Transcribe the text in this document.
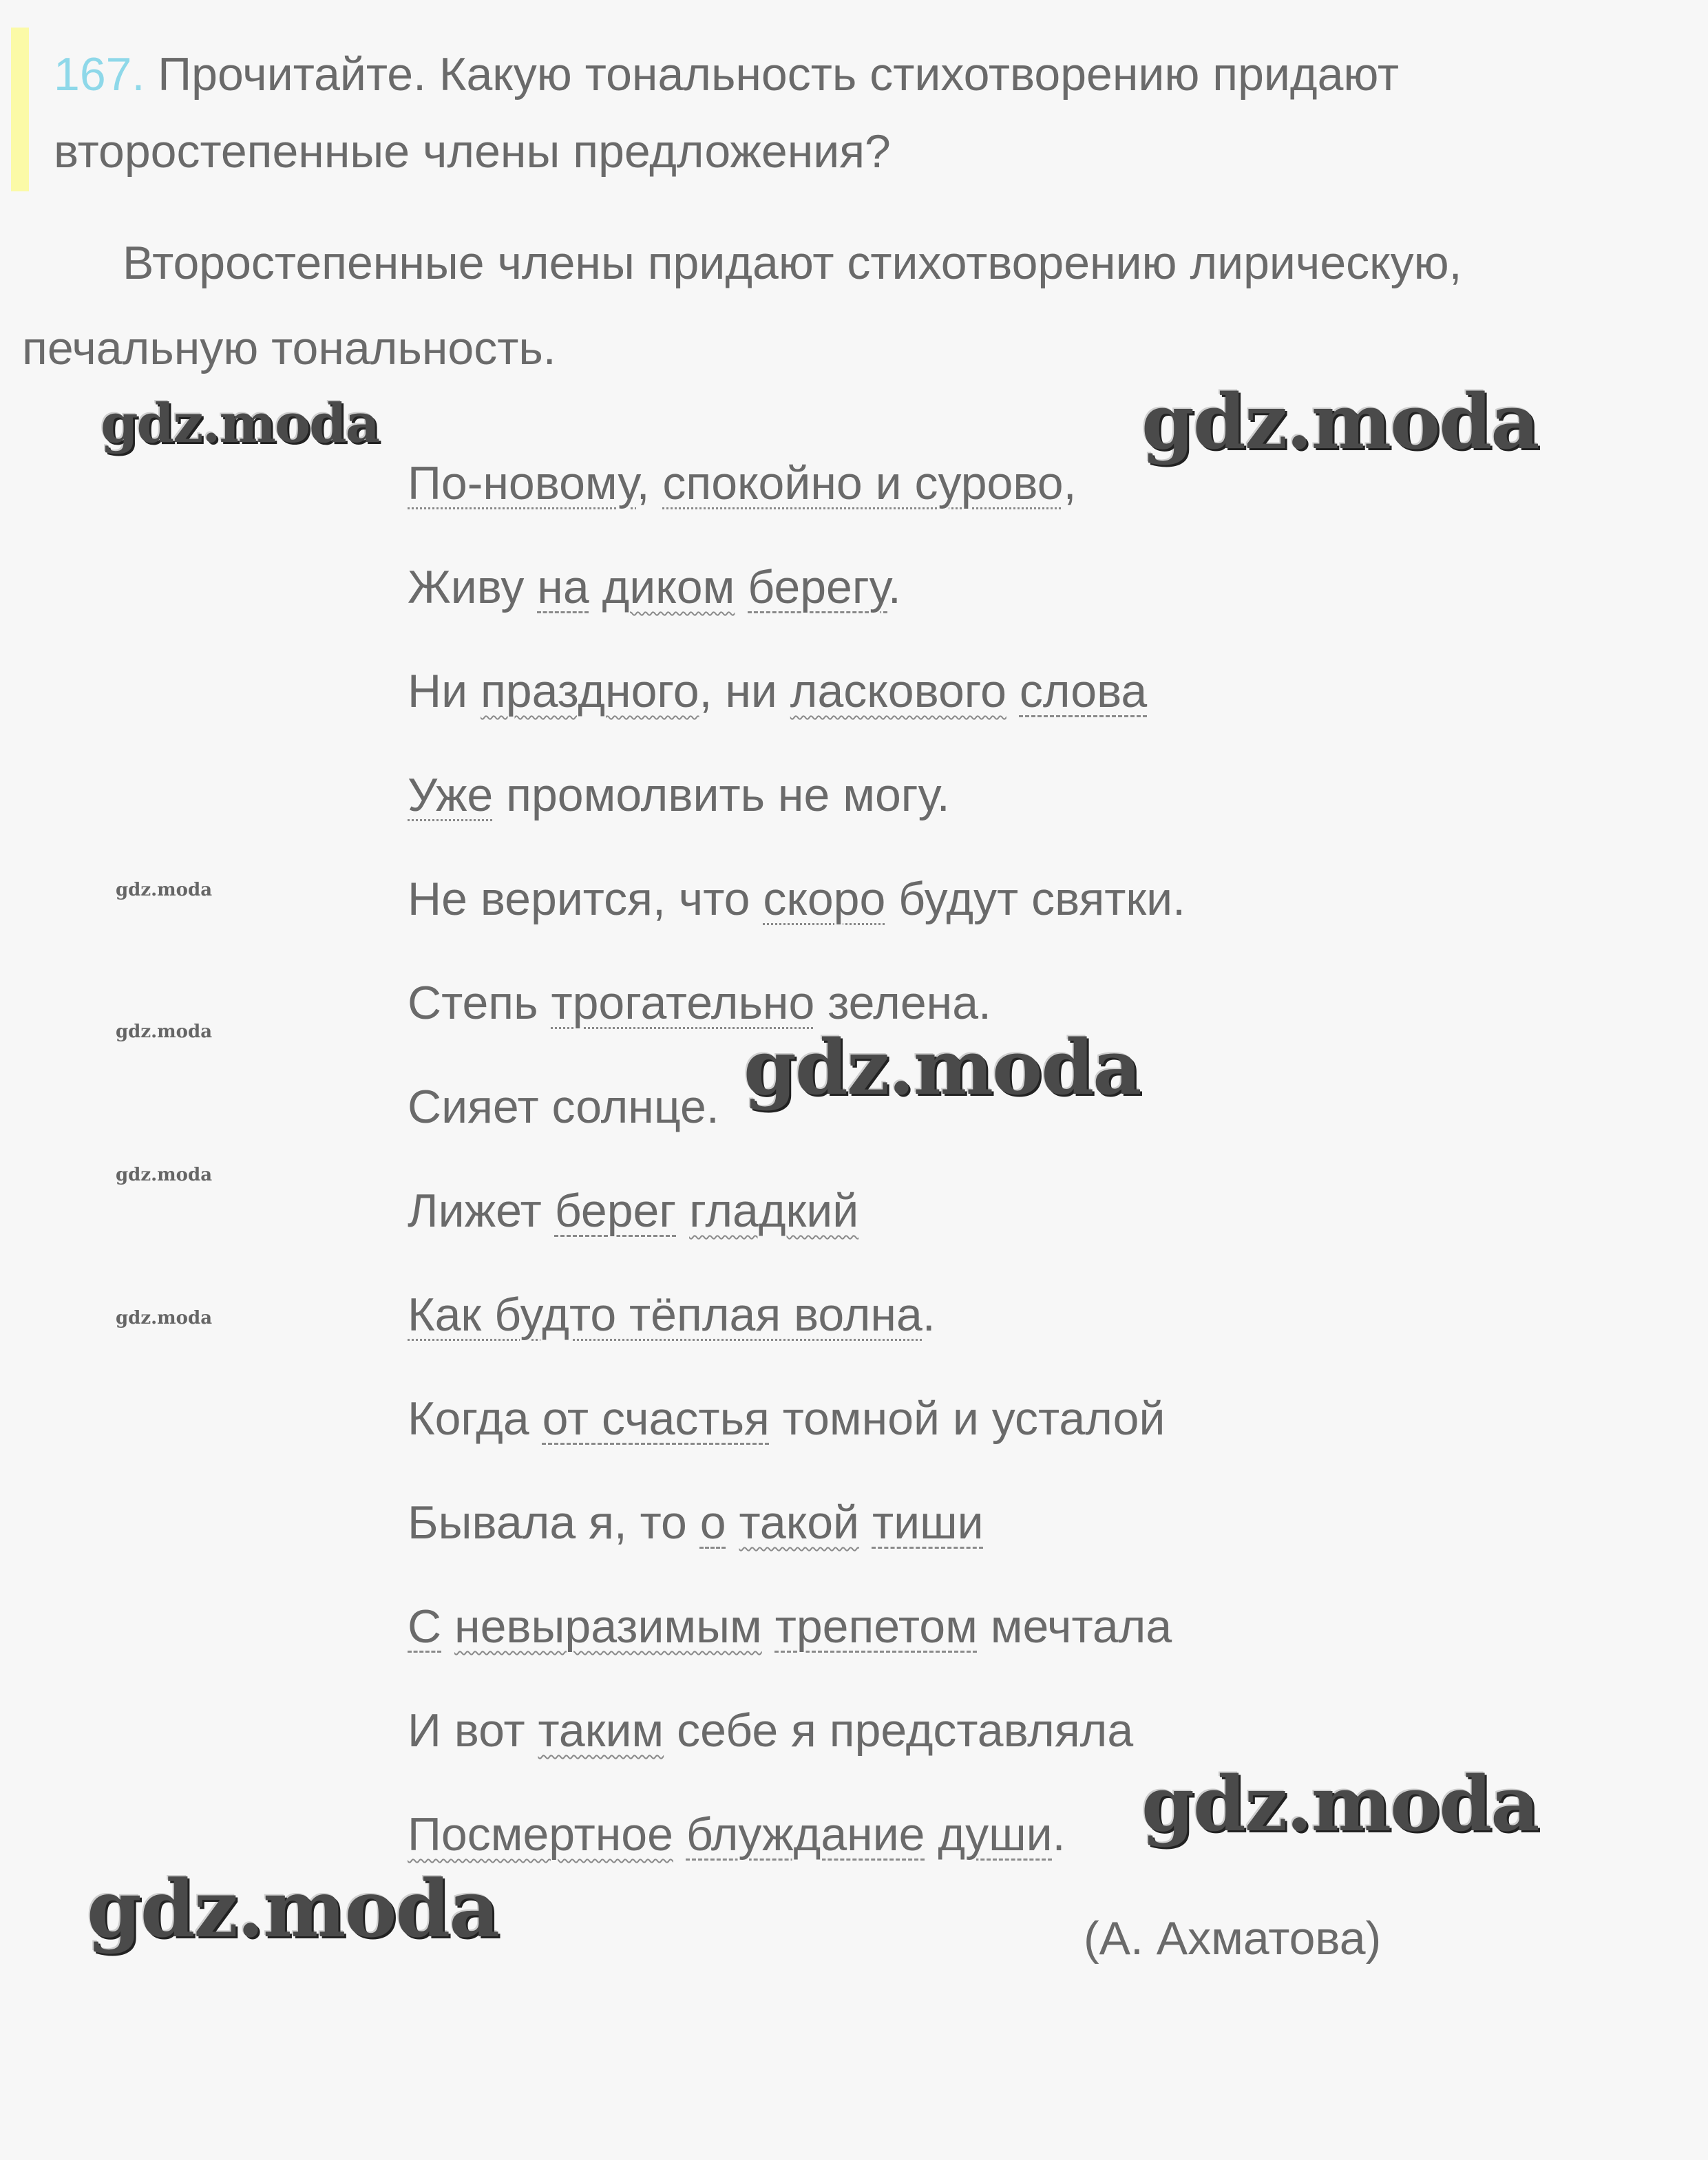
167. Прочитайте. Какую тональность стихотворению придают второстепенные члены предложения?
Второстепенные члены придают стихотворению лирическую, печальную тональность.
По-новому, спокойно и сурово,
Живу на диком берегу.
Ни праздного, ни ласкового слова
Уже промолвить не могу.
Не верится, что скоро будут святки.
Степь трогательно зелена.
Сияет солнце.
Лижет берег гладкий
Как будто тёплая волна.
Когда от счастья томной и усталой
Бывала я, то о такой тиши
С невыразимым трепетом мечтала
И вот таким себе я представляла
Посмертное блуждание души.
(А. Ахматова)
gdz.moda	gdz.moda
gdz.moda
gdz.moda
gdz.moda
gdz.moda
gdz.moda
gdz.moda
gdz.moda
